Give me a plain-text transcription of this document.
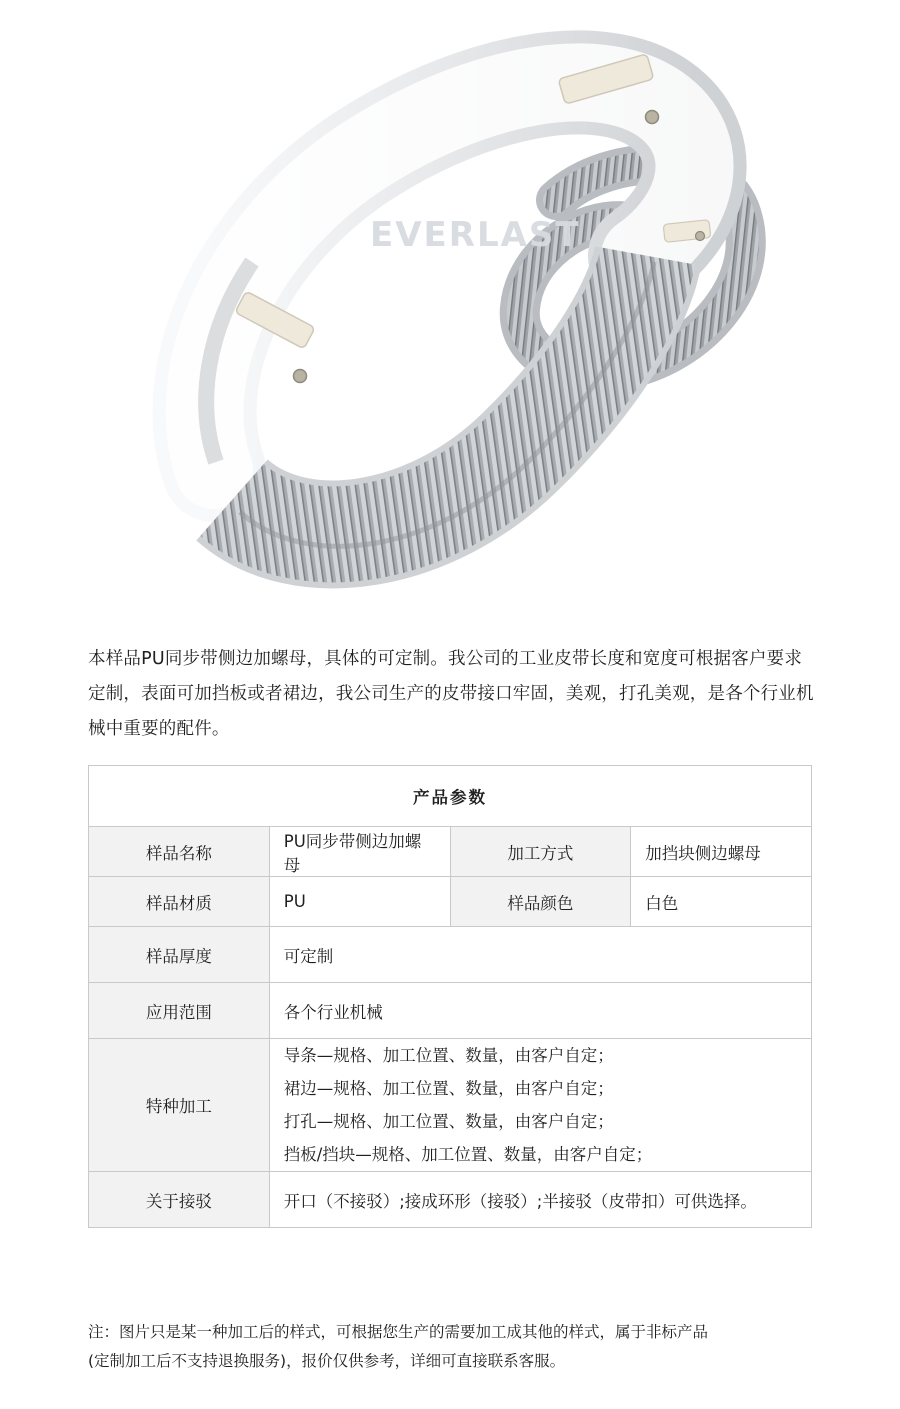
EVERLAST

本样品PU同步带侧边加螺母，具体的可定制。我公司的工业皮带长度和宽度可根据客户要求定制，表面可加挡板或者裙边，我公司生产的皮带接口牢固，美观，打孔美观，是各个行业机械中重要的配件。

产品参数			
样品名称	PU同步带侧边加螺母	加工方式	加挡块侧边螺母
样品材质	PU	样品颜色	白色
样品厚度	可定制		
应用范围	各个行业机械		
特种加工	导条—规格、加工位置、数量，由客户自定；

裙边—规格、加工位置、数量，由客户自定；

打孔—规格、加工位置、数量，由客户自定；

挡板/挡块—规格、加工位置、数量，由客户自定；		

关于接驳	开口（不接驳）;接成环形（接驳）;半接驳（皮带扣）可供选择。		
注：图片只是某一种加工后的样式，可根据您生产的需要加工成其他的样式，属于非标产品
(定制加工后不支持退换服务)，报价仅供参考，详细可直接联系客服。
